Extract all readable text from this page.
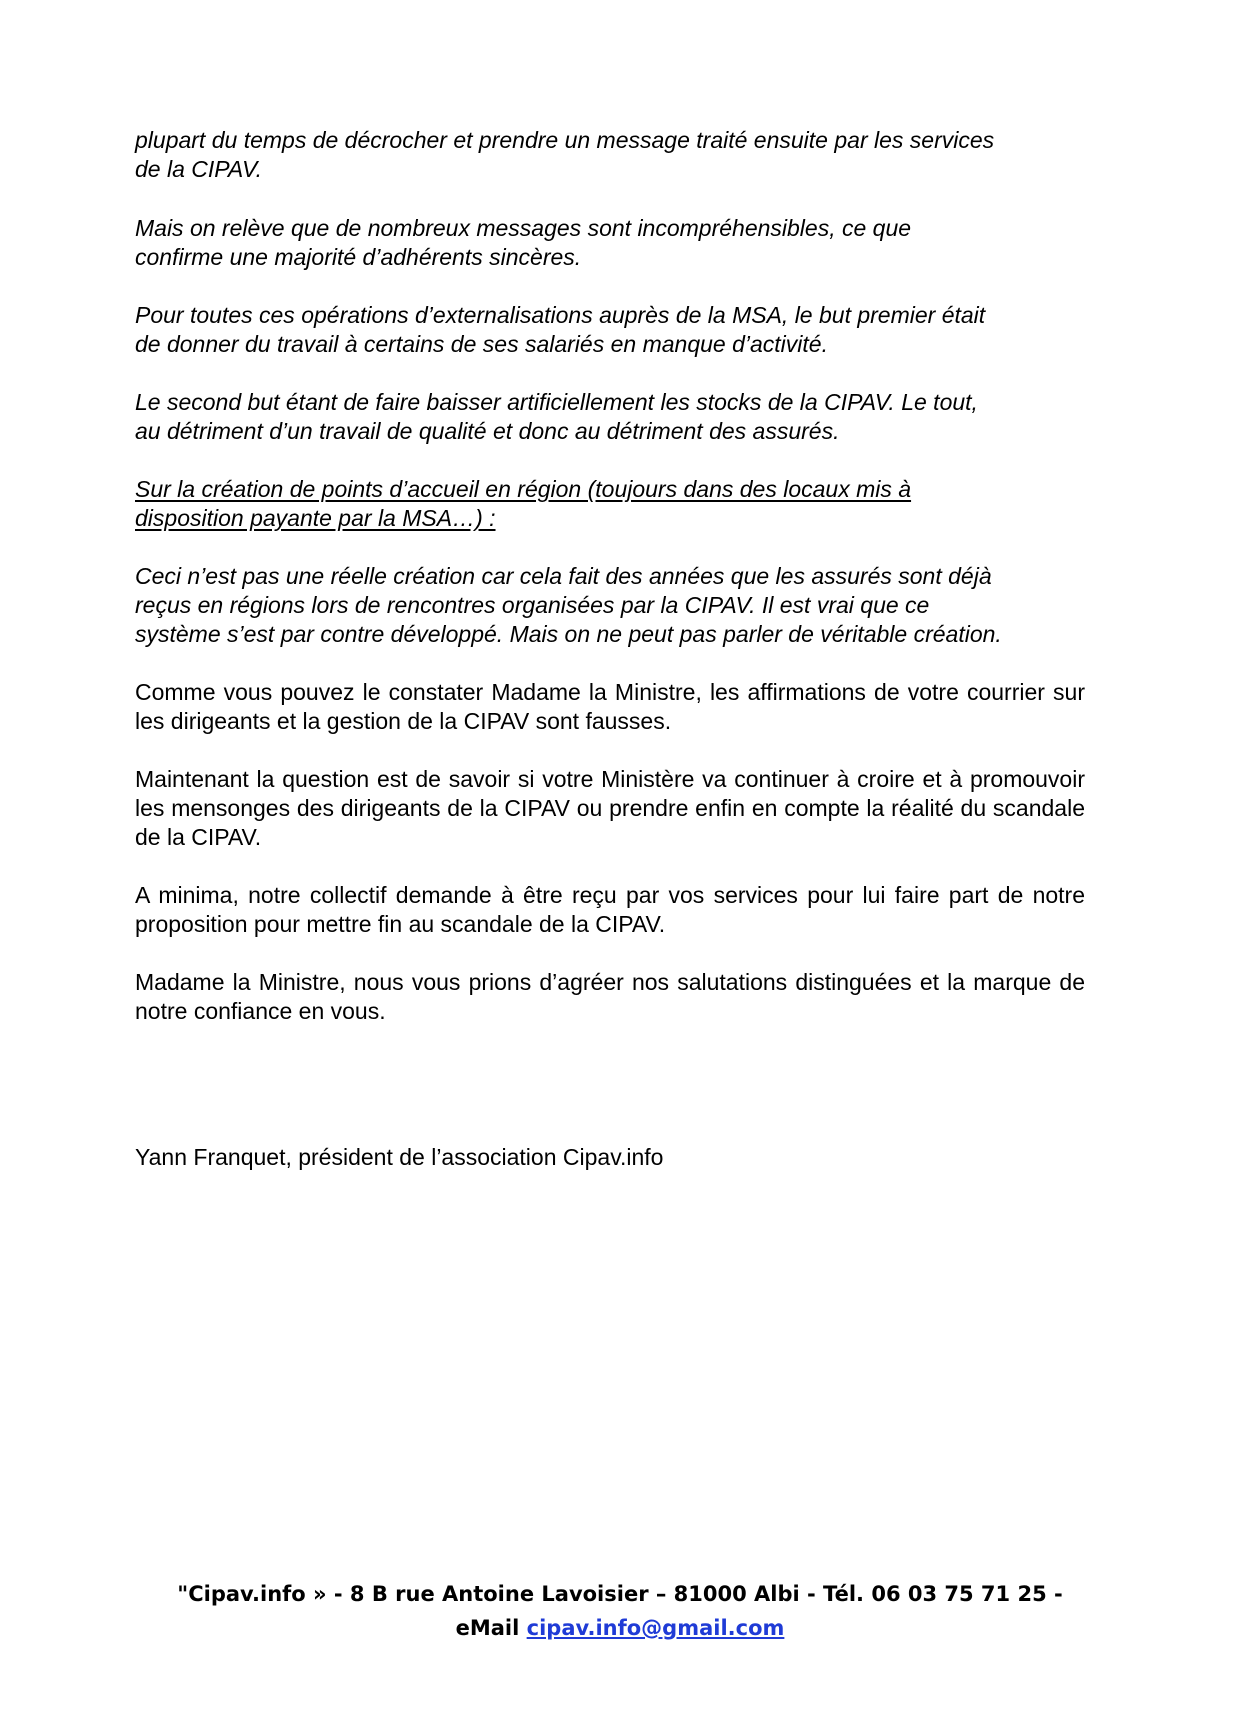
plupart du temps de décrocher et prendre un message traité ensuite par les services
de la CIPAV.

Mais on relève que de nombreux messages sont incompréhensibles, ce que
confirme une majorité d’adhérents sincères.

Pour toutes ces opérations d’externalisations auprès de la MSA, le but premier était
de donner du travail à certains de ses salariés en manque d’activité.

Le second but étant de faire baisser artificiellement les stocks de la CIPAV. Le tout,
au détriment d’un travail de qualité et donc au détriment des assurés.

Sur la création de points d’accueil en région (toujours dans des locaux mis à
disposition payante par la MSA…) :

Ceci n’est pas une réelle création car cela fait des années que les assurés sont déjà
reçus en régions lors de rencontres organisées par la CIPAV. Il est vrai que ce
système s’est par contre développé. Mais on ne peut pas parler de véritable création.

Comme vous pouvez le constater Madame la Ministre, les affirmations de votre courrier sur les dirigeants et la gestion de la CIPAV sont fausses.

Maintenant la question est de savoir si votre Ministère va continuer à croire et à promouvoir les mensonges des dirigeants de la CIPAV ou prendre enfin en compte la réalité du scandale de la CIPAV.

A minima, notre collectif demande à être reçu par vos services pour lui faire part de notre proposition pour mettre fin au scandale de la CIPAV.

Madame la Ministre, nous vous prions d’agréer nos salutations distinguées et la marque de notre confiance en vous.

Yann Franquet, président de l’association Cipav.info

"Cipav.info » - 8 B rue Antoine Lavoisier – 81000 Albi - Tél. 06 03 75 71 25 -
eMail cipav.info@gmail.com
